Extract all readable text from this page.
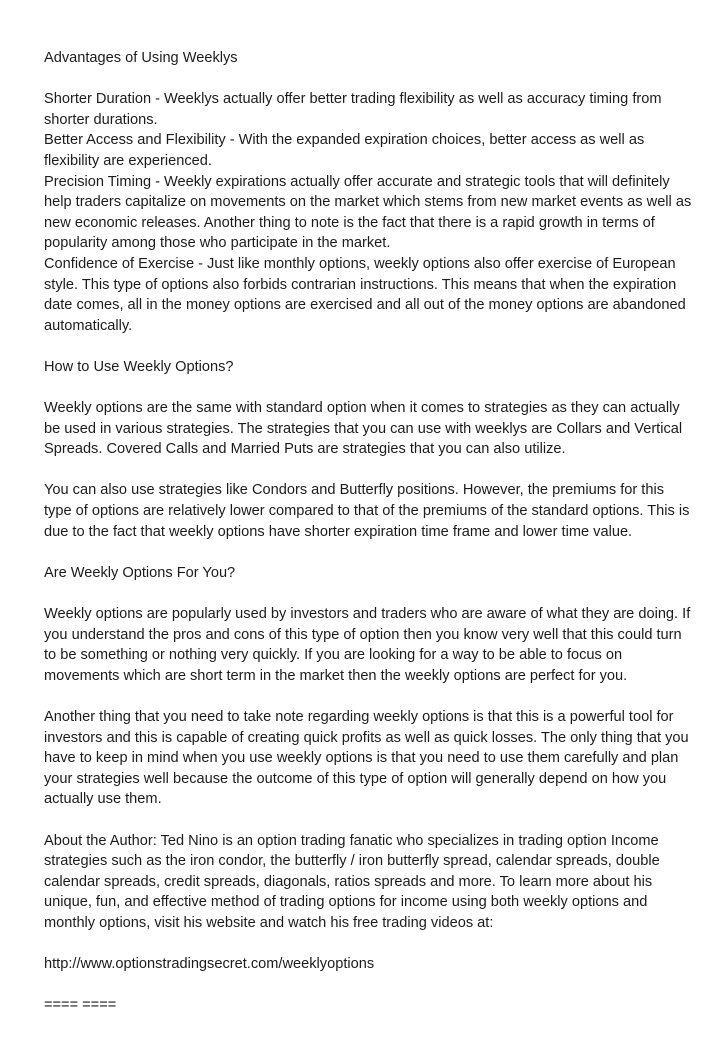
Advantages of Using Weeklys

Shorter Duration - Weeklys actually offer better trading flexibility as well as accuracy timing from shorter durations.

Better Access and Flexibility - With the expanded expiration choices, better access as well as flexibility are experienced.

Precision Timing - Weekly expirations actually offer accurate and strategic tools that will definitely help traders capitalize on movements on the market which stems from new market events as well as new economic releases. Another thing to note is the fact that there is a rapid growth in terms of popularity among those who participate in the market.

Confidence of Exercise - Just like monthly options, weekly options also offer exercise of European style. This type of options also forbids contrarian instructions. This means that when the expiration date comes, all in the money options are exercised and all out of the money options are abandoned automatically.

How to Use Weekly Options?

Weekly options are the same with standard option when it comes to strategies as they can actually be used in various strategies. The strategies that you can use with weeklys are Collars and Vertical Spreads. Covered Calls and Married Puts are strategies that you can also utilize.

You can also use strategies like Condors and Butterfly positions. However, the premiums for this type of options are relatively lower compared to that of the premiums of the standard options. This is due to the fact that weekly options have shorter expiration time frame and lower time value.

Are Weekly Options For You?

Weekly options are popularly used by investors and traders who are aware of what they are doing. If you understand the pros and cons of this type of option then you know very well that this could turn to be something or nothing very quickly. If you are looking for a way to be able to focus on movements which are short term in the market then the weekly options are perfect for you.

Another thing that you need to take note regarding weekly options is that this is a powerful tool for investors and this is capable of creating quick profits as well as quick losses. The only thing that you have to keep in mind when you use weekly options is that you need to use them carefully and plan your strategies well because the outcome of this type of option will generally depend on how you actually use them.

About the Author: Ted Nino is an option trading fanatic who specializes in trading option Income strategies such as the iron condor, the butterfly / iron butterfly spread, calendar spreads, double calendar spreads, credit spreads, diagonals, ratios spreads and more. To learn more about his unique, fun, and effective method of trading options for income using both weekly options and monthly options, visit his website and watch his free trading videos at:

http://www.optionstradingsecret.com/weeklyoptions

==== ====
